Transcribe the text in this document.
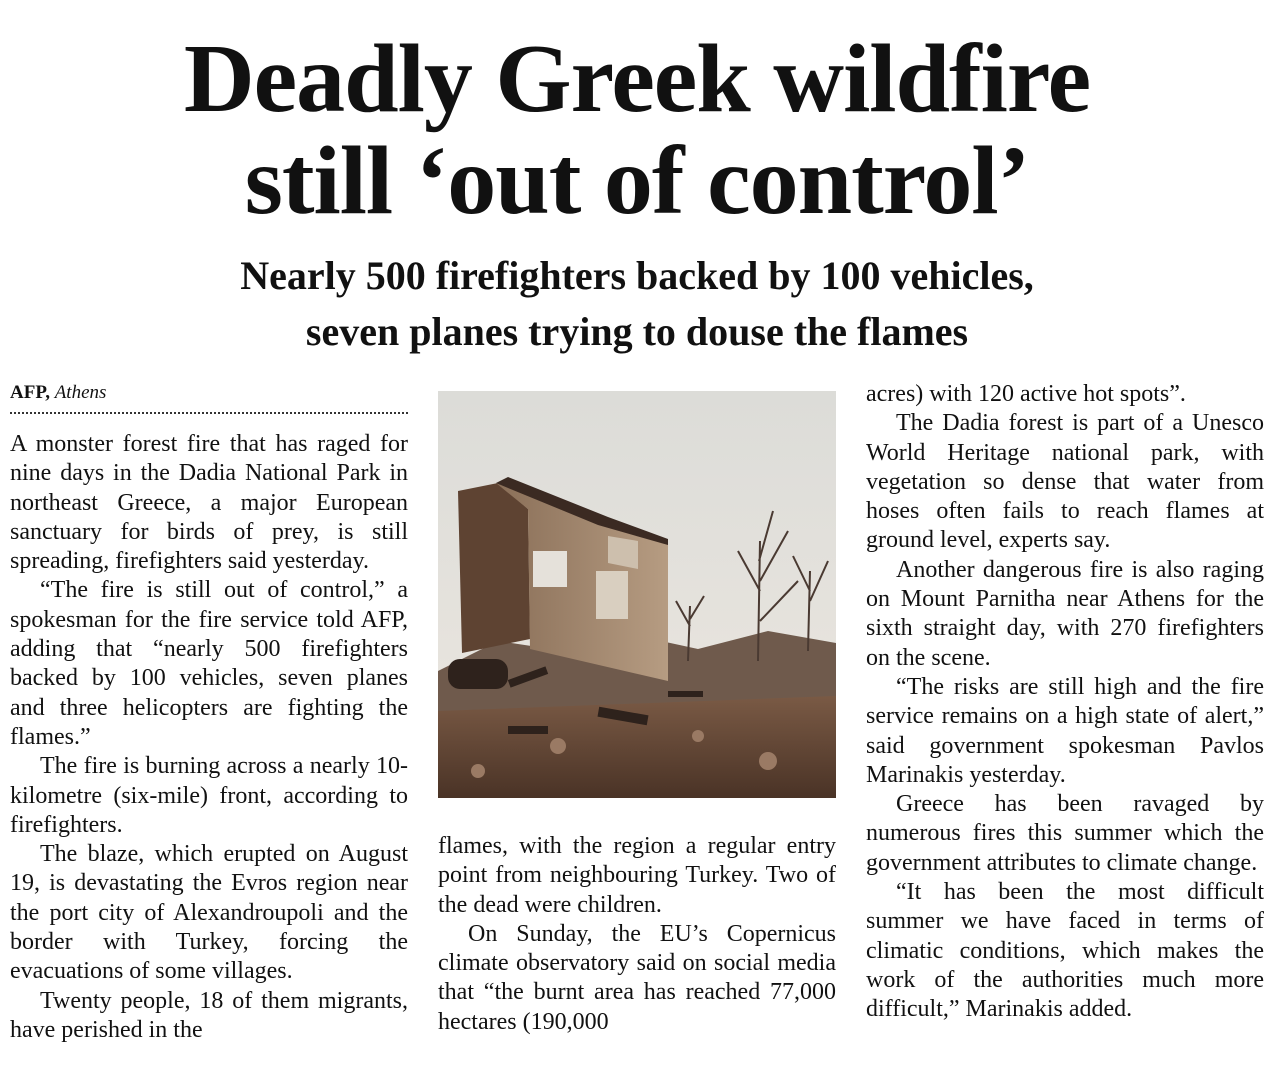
Deadly Greek wildfire
still ‘out of control’
Nearly 500 firefighters backed by 100 vehicles,
seven planes trying to douse the flames
AFP, Athens

A monster forest fire that has raged for nine days in the Dadia National Park in northeast Greece, a major European sanctuary for birds of prey, is still spreading, firefighters said yesterday.

“The fire is still out of control,” a spokesman for the fire service told AFP, adding that “nearly 500 firefighters backed by 100 vehicles, seven planes and three helicopters are fighting the flames.”

The fire is burning across a nearly 10-kilometre (six-mile) front, according to firefighters.

The blaze, which erupted on August 19, is devastating the Evros region near the port city of Alexandroupoli and the border with Turkey, forcing the evacuations of some villages.

Twenty people, 18 of them migrants, have perished in the

flames, with the region a regular entry point from neighbouring Turkey. Two of the dead were children.

On Sunday, the EU’s Copernicus climate observatory said on social media that “the burnt area has reached 77,000 hectares (190,000

acres) with 120 active hot spots”.

The Dadia forest is part of a Unesco World Heritage national park, with vegetation so dense that water from hoses often fails to reach flames at ground level, experts say.

Another dangerous fire is also raging on Mount Parnitha near Athens for the sixth straight day, with 270 firefighters on the scene.

“The risks are still high and the fire service remains on a high state of alert,” said government spokesman Pavlos Marinakis yesterday.

Greece has been ravaged by numerous fires this summer which the government attributes to climate change.

“It has been the most difficult summer we have faced in terms of climatic conditions, which makes the work of the authorities much more difficult,” Marinakis added.
